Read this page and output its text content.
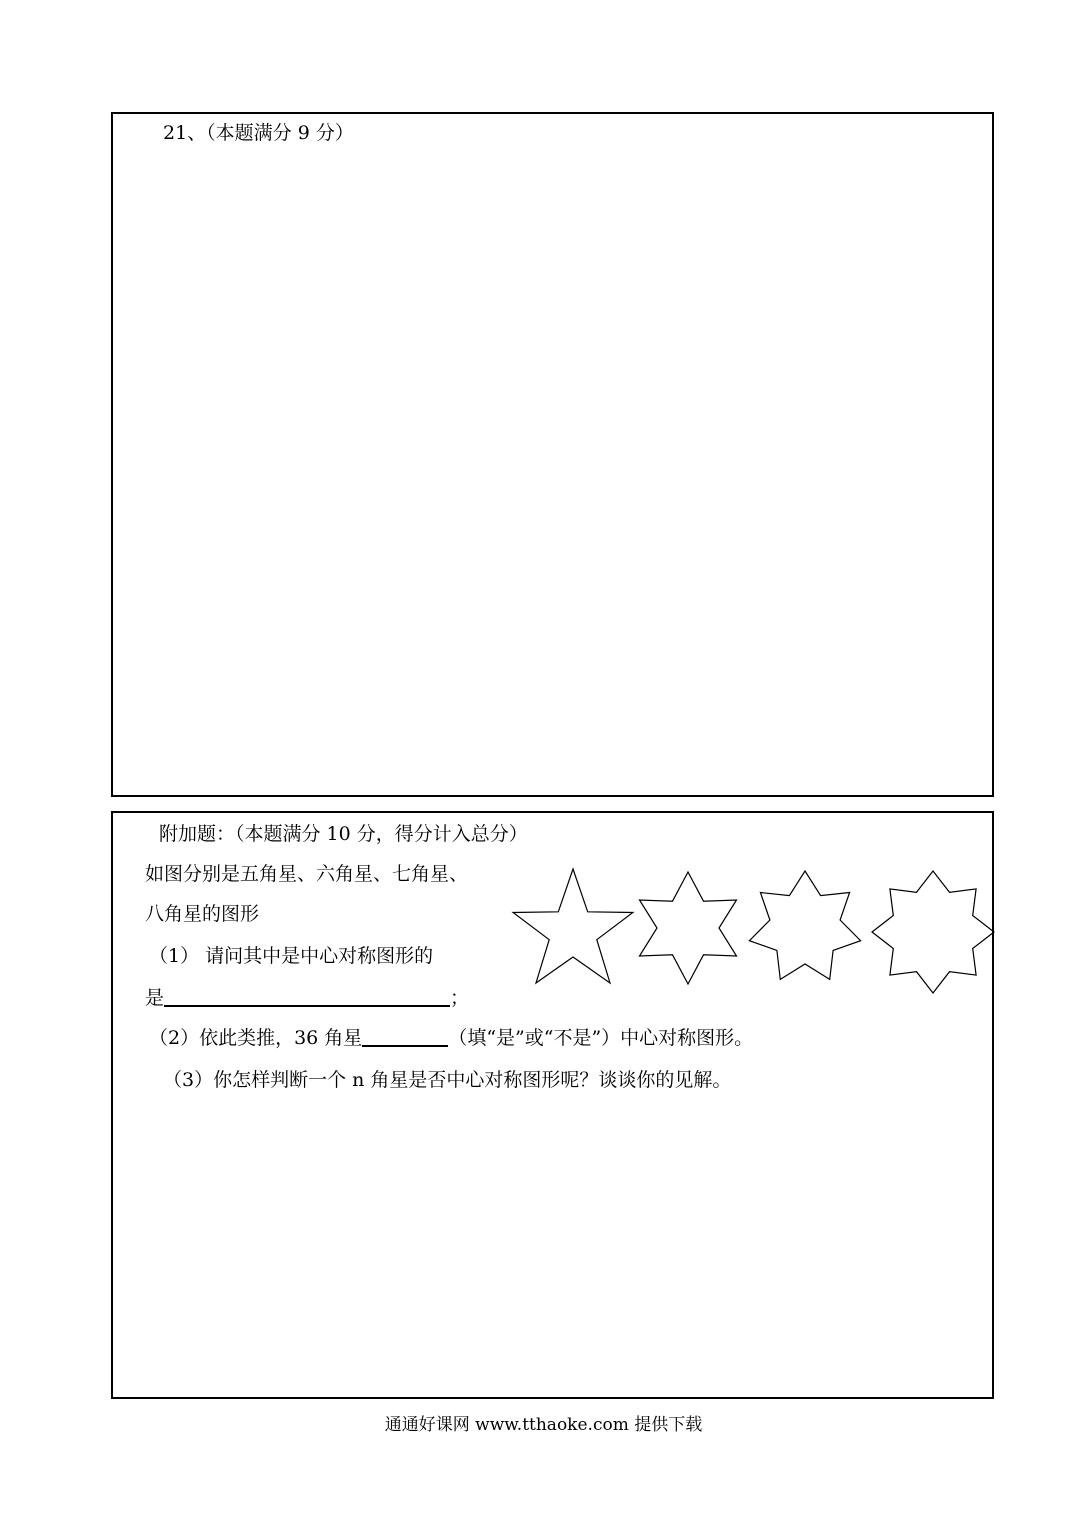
21、（本题满分 9 分）
附加题：（本题满分 10 分，得分计入总分）
如图分别是五角星、六角星、七角星、
八角星的图形
（1） 请问其中是中心对称图形的
是	；
（2）依此类推，36 角星	（填“是”或“不是”）中心对称图形。
（3）你怎样判断一个 n 角星是否中心对称图形呢？谈谈你的见解。
通通好课网 www.tthaoke.com 提供下载
